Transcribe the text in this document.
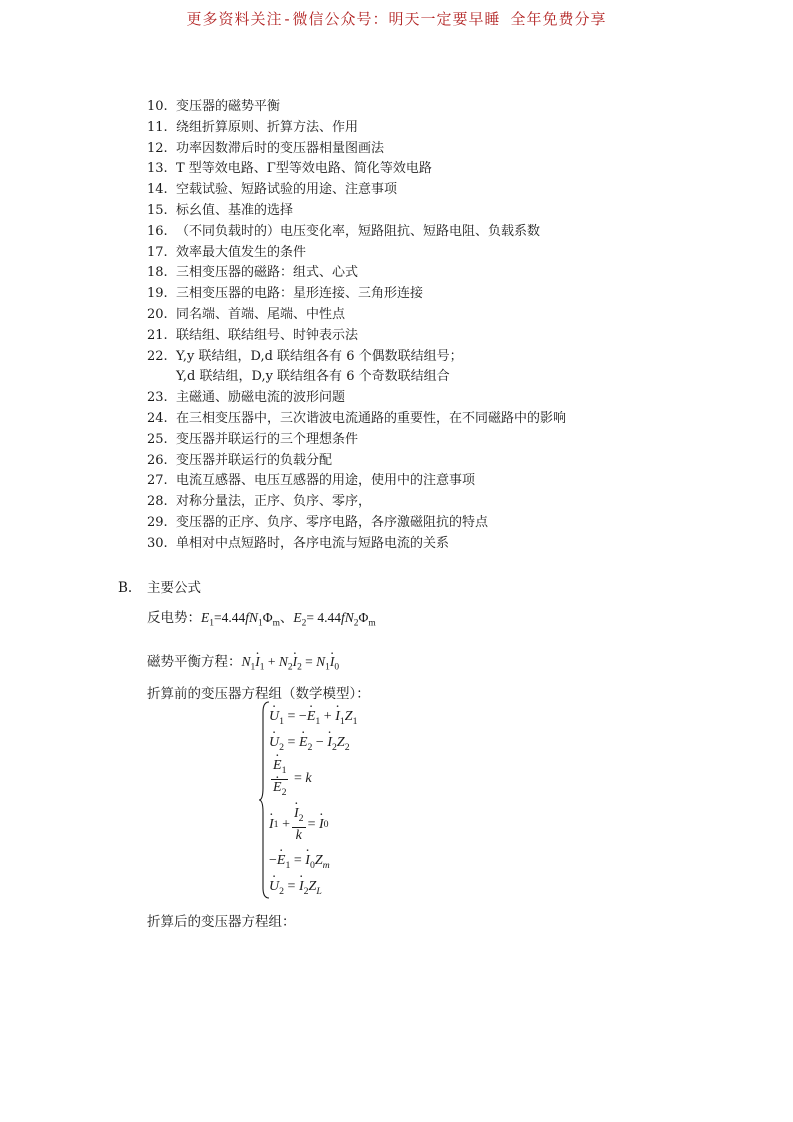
更多资料关注-微信公众号：明天一定要早睡 全年免费分享
10. 变压器的磁势平衡
11. 绕组折算原则、折算方法、作用
12. 功率因数滞后时的变压器相量图画法
13. T 型等效电路、Γ型等效电路、简化等效电路
14. 空载试验、短路试验的用途、注意事项
15. 标幺值、基准的选择
16. （不同负载时的）电压变化率，短路阻抗、短路电阻、负载系数
17. 效率最大值发生的条件
18. 三相变压器的磁路：组式、心式
19. 三相变压器的电路：星形连接、三角形连接
20. 同名端、首端、尾端、中性点
21. 联结组、联结组号、时钟表示法
22. Y,y 联结组，D,d 联结组各有 6 个偶数联结组号；
Y,d 联结组，D,y 联结组各有 6 个奇数联结组合
23. 主磁通、励磁电流的波形问题
24. 在三相变压器中，三次谐波电流通路的重要性，在不同磁路中的影响
25. 变压器并联运行的三个理想条件
26. 变压器并联运行的负载分配
27. 电流互感器、电压互感器的用途，使用中的注意事项
28. 对称分量法，正序、负序、零序，
29. 变压器的正序、负序、零序电路，各序激磁阻抗的特点
30. 单相对中点短路时，各序电流与短路电流的关系
B. 主要公式
反电势：$E_1=4.44fN_1\Phi_m$、$E_2= 4.44fN_2\Phi_m$
磁势平衡方程：$N_1\cdot I_1 + N_2\cdot I_2 = N_1\cdot I_0$
折算前的变压器方程组（数学模型）：
· $U_1$ = −· $E_1$ + · $I_1Z_1$
· $U_2$ = · $E_2$ − · $I_2Z_2$
· $E_1$
· $E_2 = k$
· I 1 + · $\frac{I_2}{k}$ = · I 0
−· $E_1$ = · $I_0Z_m$
· $U_2$ = · $I_2Z_L$
折算后的变压器方程组：
